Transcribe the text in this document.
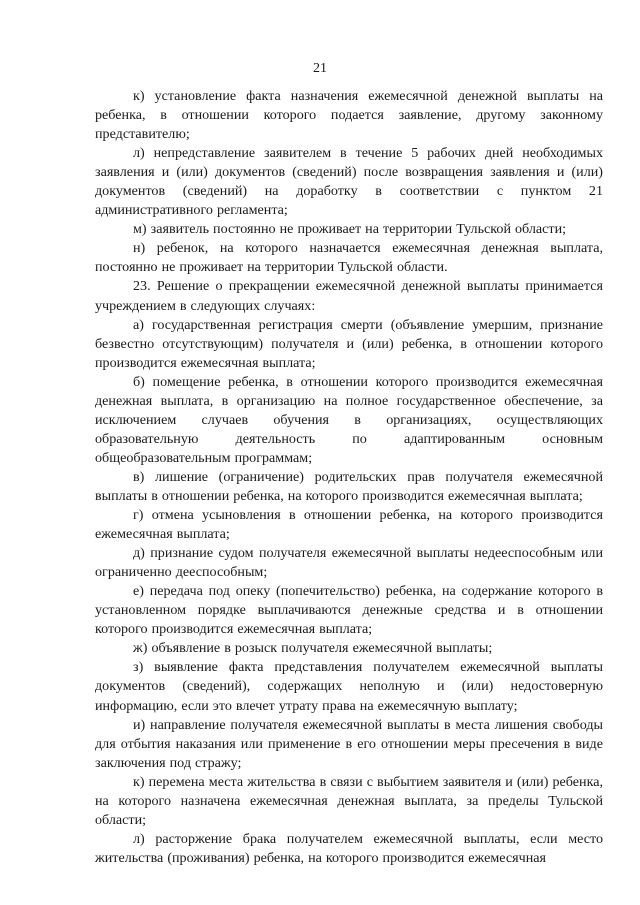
21

к) установление факта назначения ежемесячной денежной выплаты на ребенка, в отношении которого подается заявление, другому законному представителю;

л) непредставление заявителем в течение 5 рабочих дней необходимых заявления и (или) документов (сведений) после возвращения заявления и (или) документов (сведений) на доработку в соответствии с пунктом 21 административного регламента;

м) заявитель постоянно не проживает на территории Тульской области;

н) ребенок, на которого назначается ежемесячная денежная выплата, постоянно не проживает на территории Тульской области.

23. Решение о прекращении ежемесячной денежной выплаты принимается учреждением в следующих случаях:

а) государственная регистрация смерти (объявление умершим, признание безвестно отсутствующим) получателя и (или) ребенка, в отношении которого производится ежемесячная выплата;

б) помещение ребенка, в отношении которого производится ежемесячная денежная выплата, в организацию на полное государственное обеспечение, за исключением случаев обучения в организациях, осуществляющих образовательную деятельность по адаптированным основным общеобразовательным программам;

в) лишение (ограничение) родительских прав получателя ежемесячной выплаты в отношении ребенка, на которого производится ежемесячная выплата;

г) отмена усыновления в отношении ребенка, на которого производится ежемесячная выплата;

д) признание судом получателя ежемесячной выплаты недееспособным или ограниченно дееспособным;

е) передача под опеку (попечительство) ребенка, на содержание которого в установленном порядке выплачиваются денежные средства и в отношении которого производится ежемесячная выплата;

ж) объявление в розыск получателя ежемесячной выплаты;

з) выявление факта представления получателем ежемесячной выплаты документов (сведений), содержащих неполную и (или) недостоверную информацию, если это влечет утрату права на ежемесячную выплату;

и) направление получателя ежемесячной выплаты в места лишения свободы для отбытия наказания или применение в его отношении меры пресечения в виде заключения под стражу;

к) перемена места жительства в связи с выбытием заявителя и (или) ребенка, на которого назначена ежемесячная денежная выплата, за пределы Тульской области;

л) расторжение брака получателем ежемесячной выплаты, если место жительства (проживания) ребенка, на которого производится ежемесячная
